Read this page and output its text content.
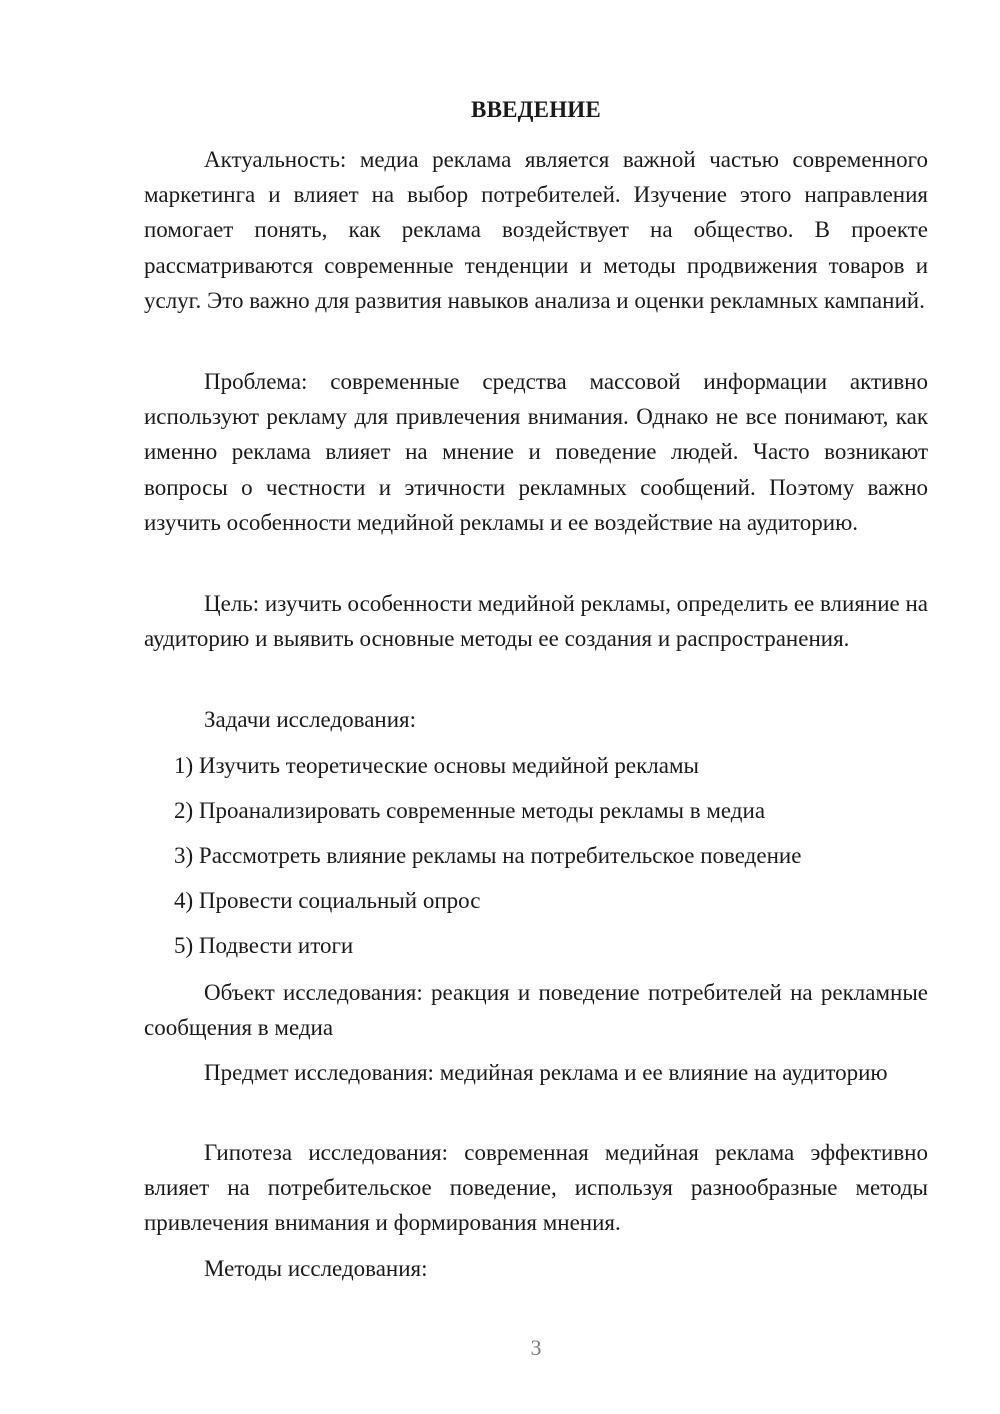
ВВЕДЕНИЕ

Актуальность: медиа реклама является важной частью современного маркетинга и влияет на выбор потребителей. Изучение этого направления помогает понять, как реклама воздействует на общество. В проекте рассматриваются современные тенденции и методы продвижения товаров и услуг. Это важно для развития навыков анализа и оценки рекламных кампаний.

Проблема: современные средства массовой информации активно используют рекламу для привлечения внимания. Однако не все понимают, как именно реклама влияет на мнение и поведение людей. Часто возникают вопросы о честности и этичности рекламных сообщений. Поэтому важно изучить особенности медийной рекламы и ее воздействие на аудиторию.

Цель: изучить особенности медийной рекламы, определить ее влияние на аудиторию и выявить основные методы ее создания и распространения.

Задачи исследования:

1) Изучить теоретические основы медийной рекламы

2) Проанализировать современные методы рекламы в медиа

3) Рассмотреть влияние рекламы на потребительское поведение

4) Провести социальный опрос

5) Подвести итоги

Объект исследования: реакция и поведение потребителей на рекламные сообщения в медиа

Предмет исследования: медийная реклама и ее влияние на аудиторию

Гипотеза исследования: современная медийная реклама эффективно влияет на потребительское поведение, используя разнообразные методы привлечения внимания и формирования мнения.

Методы исследования:

3
